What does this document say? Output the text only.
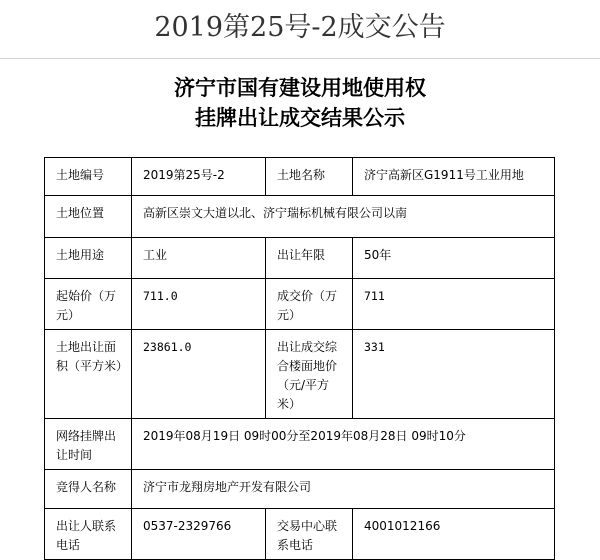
2019第25号-2成交公告
济宁市国有建设用地使用权
挂牌出让成交结果公示
土地编号	2019第25号-2	土地名称	济宁高新区G1911号工业用地
土地位置	高新区崇文大道以北、济宁瑞标机械有限公司以南		
土地用途	工业	出让年限	50年
起始价（万元）	711.0	成交价（万元）	711
土地出让面积（平方米）	23861.0	出让成交综合楼面地价（元/平方米）	331
网络挂牌出让时间	2019年08月19日 09时00分至2019年08月28日 09时10分		
竞得人名称	济宁市龙翔房地产开发有限公司		
出让人联系电话	0537-2329766	交易中心联系电话	4001012166
